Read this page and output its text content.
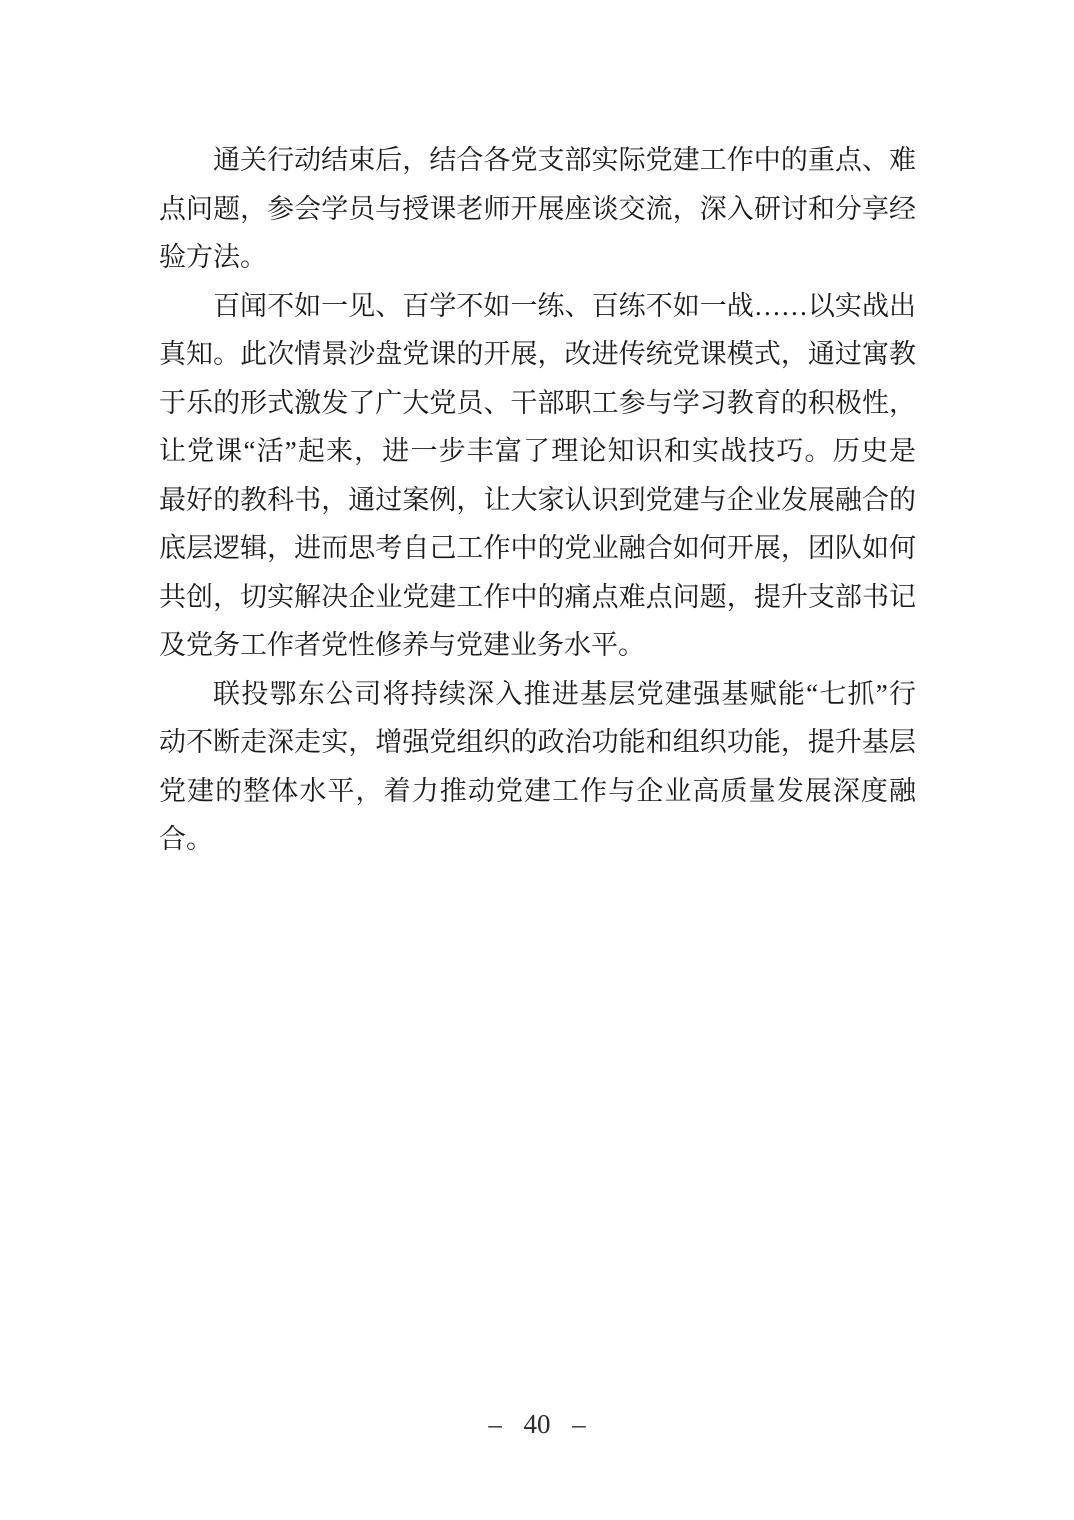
通关行动结束后，结合各党支部实际党建工作中的重点、难
点问题，参会学员与授课老师开展座谈交流，深入研讨和分享经
验方法。
百闻不如一见、百学不如一练、百练不如一战……以实战出
真知。此次情景沙盘党课的开展，改进传统党课模式，通过寓教
于乐的形式激发了广大党员、干部职工参与学习教育的积极性，
让党课“活”起来，进一步丰富了理论知识和实战技巧。历史是
最好的教科书，通过案例，让大家认识到党建与企业发展融合的
底层逻辑，进而思考自己工作中的党业融合如何开展，团队如何
共创，切实解决企业党建工作中的痛点难点问题，提升支部书记
及党务工作者党性修养与党建业务水平。
联投鄂东公司将持续深入推进基层党建强基赋能“七抓”行
动不断走深走实，增强党组织的政治功能和组织功能，提升基层
党建的整体水平，着力推动党建工作与企业高质量发展深度融
合。
– 40 –
